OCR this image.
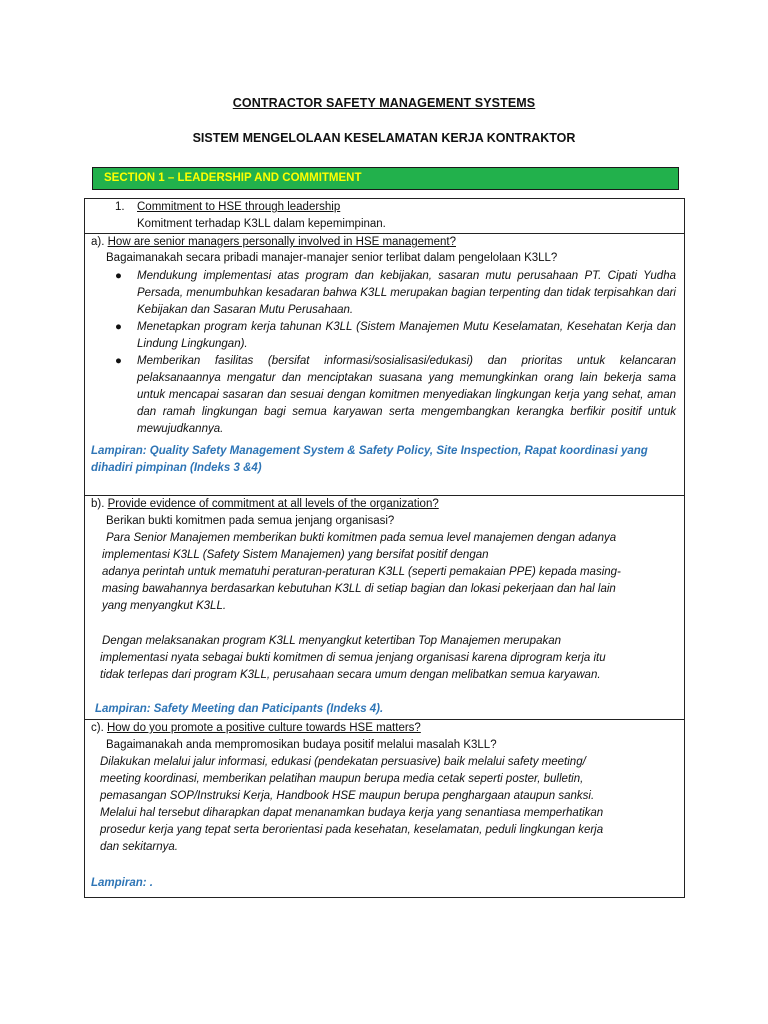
CONTRACTOR SAFETY MANAGEMENT SYSTEMS
SISTEM MENGELOLAAN KESELAMATAN KERJA KONTRAKTOR
SECTION 1 – LEADERSHIP AND COMMITMENT
1. Commitment to HSE through leadership
Komitment terhadap K3LL dalam kepemimpinan.
a). How are senior managers personally involved in HSE management?
Bagaimanakah secara pribadi manajer-manajer senior terlibat dalam pengelolaan K3LL?
● Mendukung implementasi atas program dan kebijakan, sasaran mutu perusahaan PT. Cipati Yudha Persada, menumbuhkan kesadaran bahwa K3LL merupakan bagian terpenting dan tidak terpisahkan dari Kebijakan dan Sasaran Mutu Perusahaan.
● Menetapkan program kerja tahunan K3LL (Sistem Manajemen Mutu Keselamatan, Kesehatan Kerja dan Lindung Lingkungan).
● Memberikan fasilitas (bersifat informasi/sosialisasi/edukasi) dan prioritas untuk kelancaran pelaksanaannya mengatur dan menciptakan suasana yang memungkinkan orang lain bekerja sama untuk mencapai sasaran dan sesuai dengan komitmen menyediakan lingkungan kerja yang sehat, aman dan ramah lingkungan bagi semua karyawan serta mengembangkan kerangka berfikir positif untuk mewujudkannya.
Lampiran: Quality Safety Management System & Safety Policy, Site Inspection, Rapat koordinasi yang dihadiri pimpinan (Indeks 3 &4)
b). Provide evidence of commitment at all levels of the organization?
Berikan bukti komitmen pada semua jenjang organisasi?
Para Senior Manajemen memberikan bukti komitmen pada semua level manajemen dengan adanya
implementasi K3LL (Safety Sistem Manajemen) yang bersifat positif dengan
adanya perintah untuk mematuhi peraturan-peraturan K3LL (seperti pemakaian PPE) kepada masing-
masing bawahannya berdasarkan kebutuhan K3LL di setiap bagian dan lokasi pekerjaan dan hal lain
yang menyangkut K3LL.
Dengan melaksanakan program K3LL menyangkut ketertiban Top Manajemen merupakan
implementasi nyata sebagai bukti komitmen di semua jenjang organisasi karena diprogram kerja itu
tidak terlepas dari program K3LL, perusahaan secara umum dengan melibatkan semua karyawan.
Lampiran: Safety Meeting dan Paticipants (Indeks 4).
c). How do you promote a positive culture towards HSE matters?
Bagaimanakah anda mempromosikan budaya positif melalui masalah K3LL?
Dilakukan melalui jalur informasi, edukasi (pendekatan persuasive) baik melalui safety meeting/
meeting koordinasi, memberikan pelatihan maupun berupa media cetak seperti poster, bulletin,
pemasangan SOP/Instruksi Kerja, Handbook HSE maupun berupa penghargaan ataupun sanksi.
Melalui hal tersebut diharapkan dapat menanamkan budaya kerja yang senantiasa memperhatikan
prosedur kerja yang tepat serta berorientasi pada kesehatan, keselamatan, peduli lingkungan kerja
dan sekitarnya.
Lampiran: .
